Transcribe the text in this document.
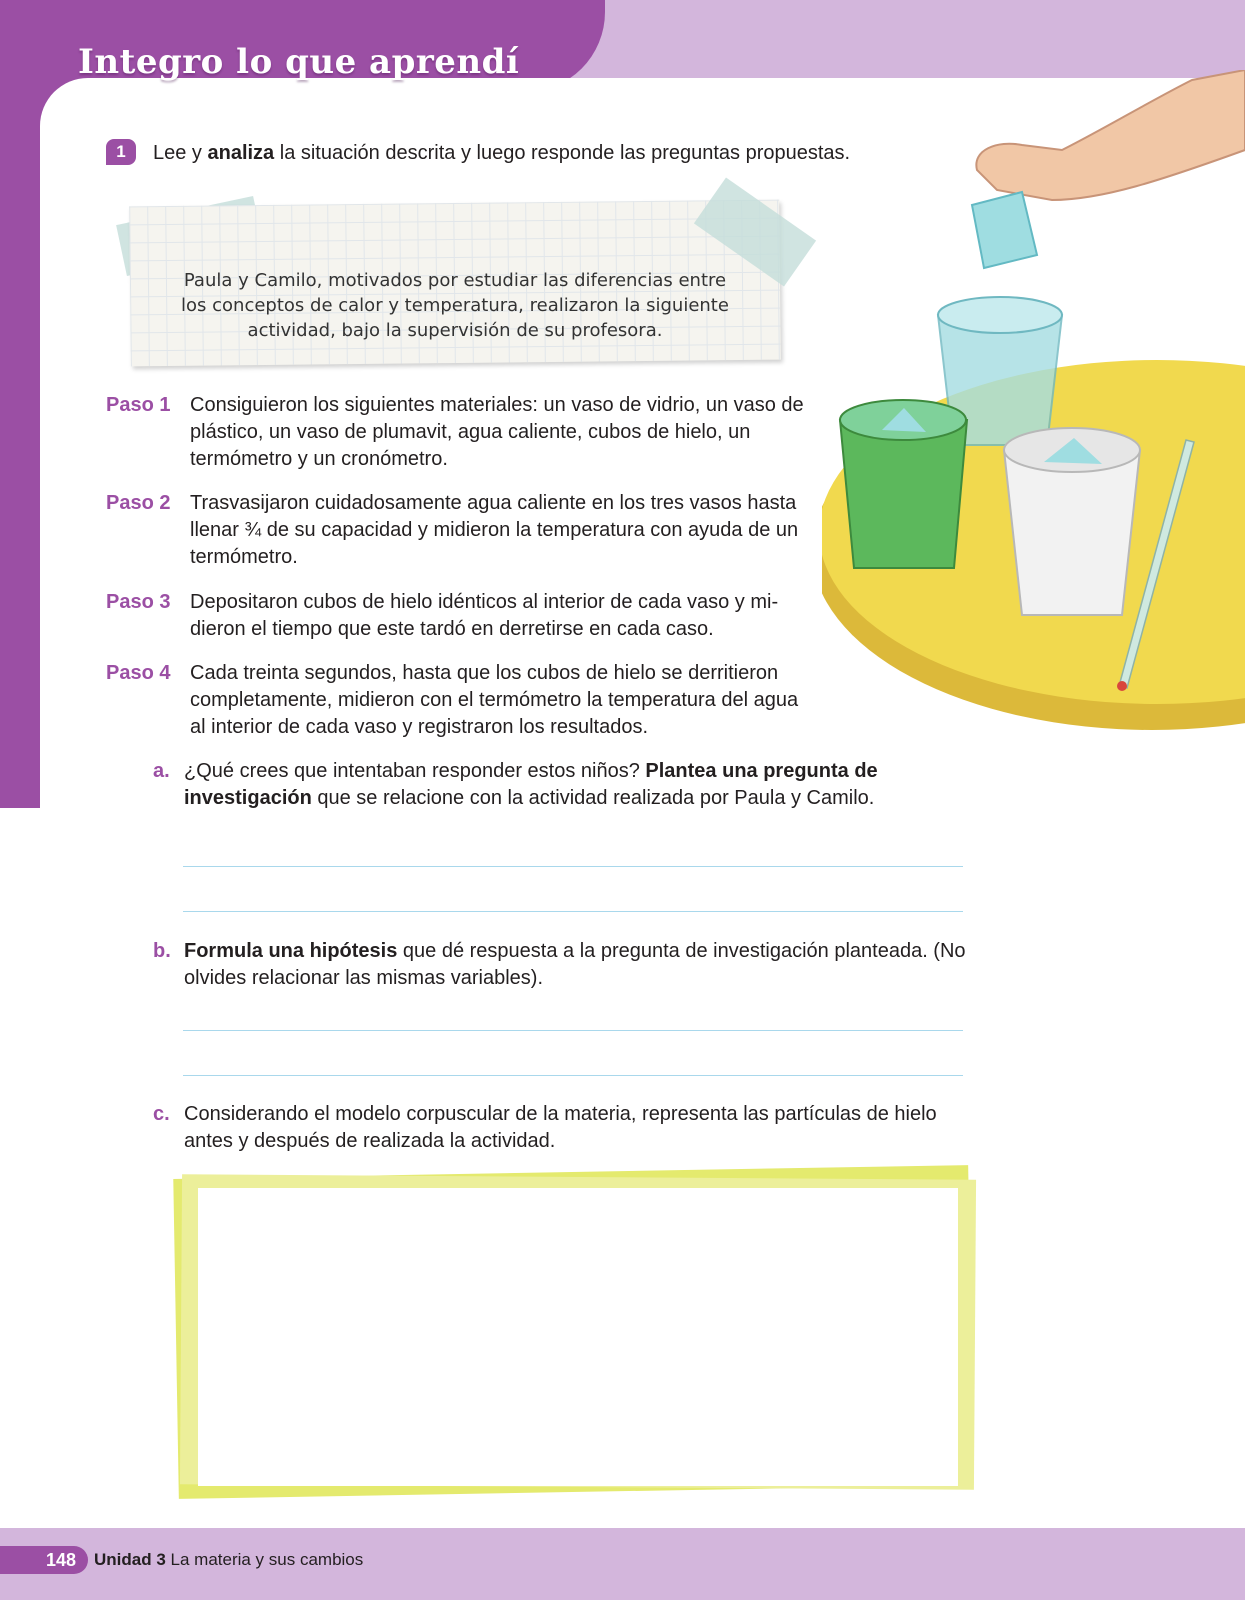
Integro lo que aprendí
1	Lee y analiza la situación descrita y luego responde las preguntas propuestas.
Paula y Camilo, motivados por estudiar las diferencias entre
los conceptos de calor y temperatura, realizaron la siguiente
actividad, bajo la supervisión de su profesora.
Paso 1 Consiguieron los siguientes materiales: un vaso de vidrio, un vaso de plástico, un vaso de plumavit, agua caliente, cubos de hielo, un termómetro y un cronómetro.
Paso 2 Trasvasijaron cuidadosamente agua caliente en los tres vasos hasta llenar ¾ de su capacidad y midieron la temperatura con ayuda de un termómetro.
Paso 3 Depositaron cubos de hielo idénticos al interior de cada vaso y midieron el tiempo que este tardó en derretirse en cada caso.
Paso 4 Cada treinta segundos, hasta que los cubos de hielo se derritieron completamente, midieron con el termómetro la temperatura del agua al interior de cada vaso y registraron los resultados.
a. ¿Qué crees que intentaban responder estos niños? Plantea una pregunta de investigación que se relacione con la actividad realizada por Paula y Camilo.
b. Formula una hipótesis que dé respuesta a la pregunta de investigación planteada. (No olvides relacionar las mismas variables).
c. Considerando el modelo corpuscular de la materia, representa las partículas de hielo antes y después de realizada la actividad.
148	Unidad 3 La materia y sus cambios
